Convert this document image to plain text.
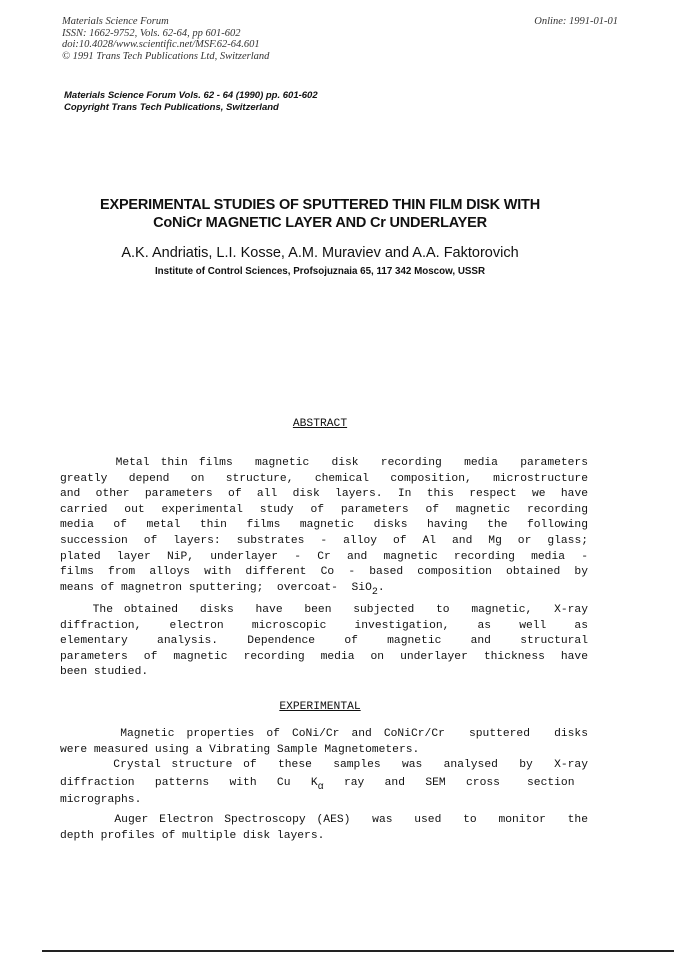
Materials Science Forum
ISSN: 1662-9752, Vols. 62-64, pp 601-602
doi:10.4028/www.scientific.net/MSF.62-64.601
© 1991 Trans Tech Publications Ltd, Switzerland
Online: 1991-01-01
Materials Science Forum Vols. 62 - 64 (1990) pp. 601-602
Copyright Trans Tech Publications, Switzerland
EXPERIMENTAL STUDIES OF SPUTTERED THIN FILM DISK WITH
CoNiCr MAGNETIC LAYER AND Cr UNDERLAYER
A.K. Andriatis, L.I. Kosse, A.M. Muraviev and A.A. Faktorovich
Institute of Control Sciences, Profsojuznaia 65, 117 342 Moscow, USSR
ABSTRACT
Metal thin films  magnetic  disk  recording  media  parameters
greatly depend on structure, chemical composition, microstructure
and other parameters of all disk layers. In this respect we have
carried out experimental study of parameters of magnetic recording
media of metal thin films magnetic disks having the following
succession of layers: substrates - alloy of Al and Mg or glass;
plated layer NiP, underlayer - Cr and magnetic recording media -
films from alloys with different Co - based composition obtained by
means of magnetron sputtering;  overcoat-  SiO2.
The obtained  disks  have  been  subjected  to  magnetic,  X-ray
diffraction, electron microscopic investigation, as well as
elementary analysis. Dependence of magnetic and structural
parameters of magnetic recording media on underlayer thickness have
been studied.
EXPERIMENTAL
Magnetic properties of CoNi/Cr and CoNiCr/Cr  sputtered  disks
were measured using a Vibrating Sample Magnetometers.
Crystal structure of  these  samples  was  analysed  by  X-ray
diffraction   patterns   with   Cu   Kα   ray   and   SEM   cross    section
micrographs.
Auger Electron Spectroscopy (AES)  was  used  to  monitor  the
depth profiles of multiple disk layers.
